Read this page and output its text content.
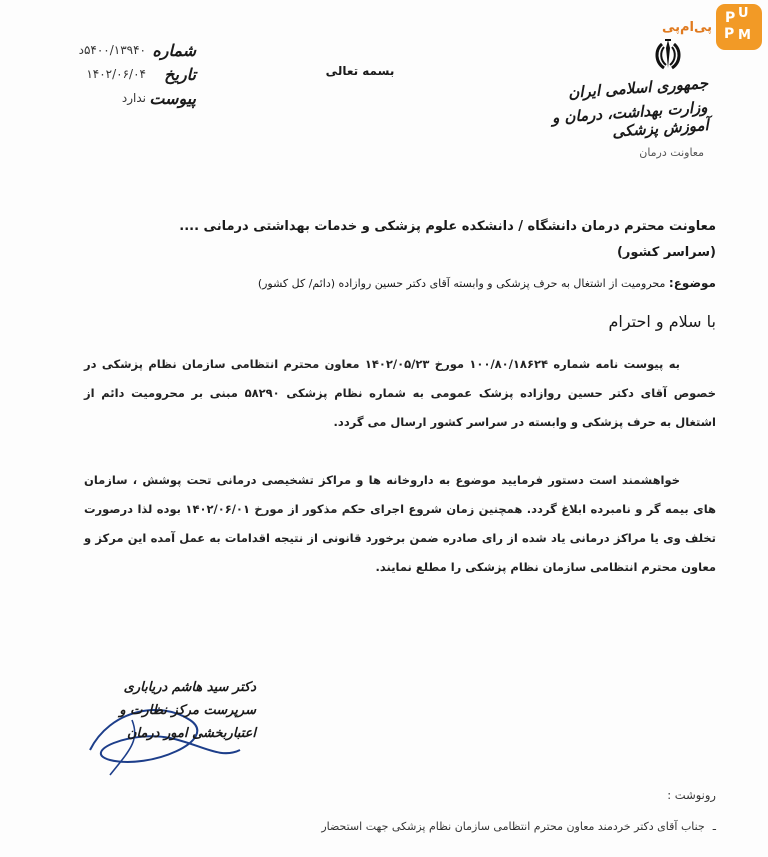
پی‌ام‌پی
P U
P M
جمهوری اسلامی ایران
وزارت بهداشت، درمان و آموزش پزشکی
معاونت درمان
بسمه تعالی
شماره
۵۴۰۰/۱۳۹۴۰د
تاریخ
۱۴۰۲/۰۶/۰۴
پیوست
ندارد
معاونت محترم درمان دانشگاه / دانشکده علوم پزشکی و خدمات بهداشتی درمانی ....
(سراسر کشور)
موضوع: محرومیت از اشتغال به حرف پزشکی و وابسته آقای دکتر حسین روازاده (دائم/ کل کشور)
با سلام و احترام
به پیوست نامه شماره ۱۰۰/۸۰/۱۸۶۲۴ مورخ ۱۴۰۲/۰۵/۲۳ معاون محترم انتظامی سازمان نظام پزشکی در خصوص آقای دکتر حسین روازاده پزشک عمومی به شماره نظام پزشکی ۵۸۲۹۰ مبنی بر محرومیت دائم از اشتغال به حرف پزشکی و وابسته در سراسر کشور ارسال می گردد.
خواهشمند است دستور فرمایید موضوع به داروخانه ها و مراکز تشخیصی درمانی تحت پوشش ، سازمان های بیمه گر و نامبرده ابلاغ گردد. همچنین زمان شروع اجرای حکم مذکور از مورخ ۱۴۰۲/۰۶/۰۱ بوده لذا درصورت تخلف وی یا مراکز درمانی یاد شده از رای صادره ضمن برخورد قانونی از نتیجه اقدامات به عمل آمده این مرکز و معاون محترم انتظامی سازمان نظام پزشکی را مطلع نمایند.
دکتر سید هاشم دریاباری
سرپرست مرکز نظارت و
اعتباربخشی امور درمان
رونوشت :
ـ
جناب آقای دکتر خردمند معاون محترم انتظامی سازمان نظام پزشکی جهت استحضار
